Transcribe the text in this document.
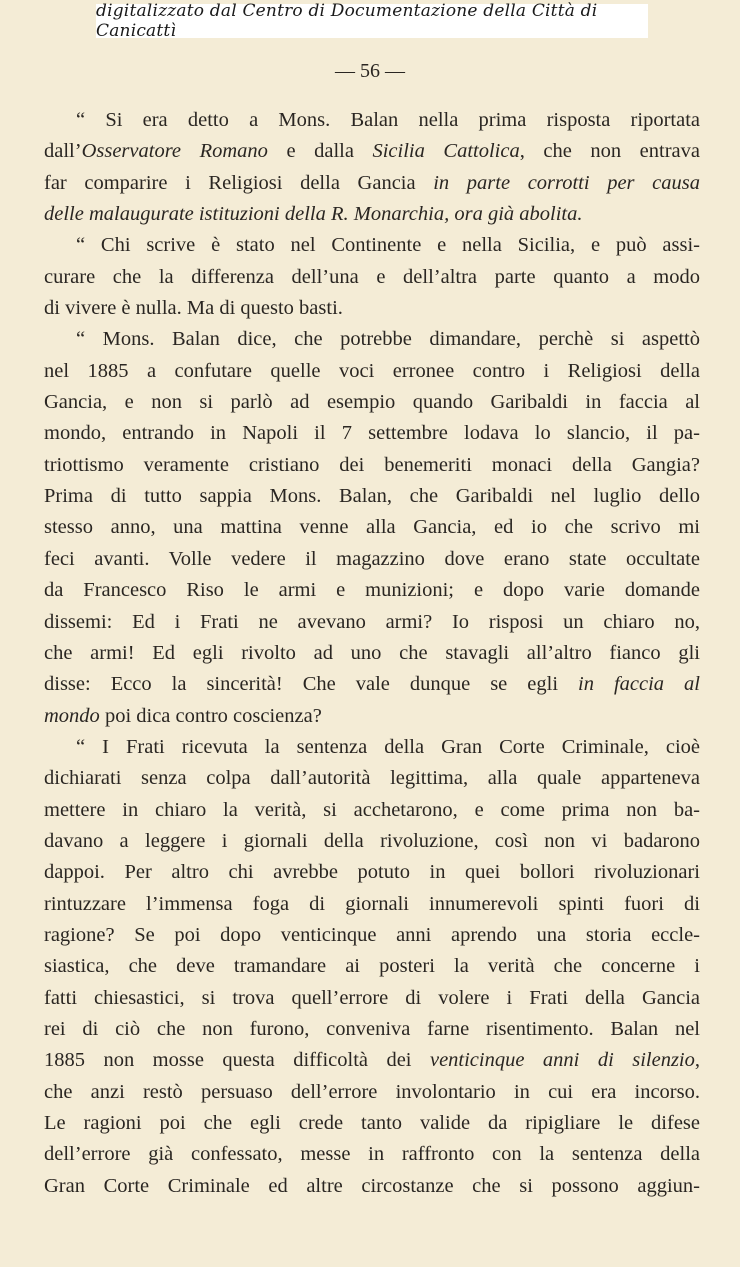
digitalizzato dal Centro di Documentazione della Città di Canicattì
— 56 —
“ Si era detto a Mons. Balan nella prima risposta riportata
dall’Osservatore Romano e dalla Sicilia Cattolica, che non entrava
far comparire i Religiosi della Gancia in parte corrotti per causa
delle malaugurate istituzioni della R. Monarchia, ora già abolita.
“ Chi scrive è stato nel Continente e nella Sicilia, e può assi-
curare che la differenza dell’una e dell’altra parte quanto a modo
di vivere è nulla. Ma di questo basti.
“ Mons. Balan dice, che potrebbe dimandare, perchè si aspettò
nel 1885 a confutare quelle voci erronee contro i Religiosi della
Gancia, e non si parlò ad esempio quando Garibaldi in faccia al
mondo, entrando in Napoli il 7 settembre lodava lo slancio, il pa-
triottismo veramente cristiano dei benemeriti monaci della Gangia?
Prima di tutto sappia Mons. Balan, che Garibaldi nel luglio dello
stesso anno, una mattina venne alla Gancia, ed io che scrivo mi
feci avanti. Volle vedere il magazzino dove erano state occultate
da Francesco Riso le armi e munizioni; e dopo varie domande
dissemi: Ed i Frati ne avevano armi? Io risposi un chiaro no,
che armi! Ed egli rivolto ad uno che stavagli all’altro fianco gli
disse: Ecco la sincerità! Che vale dunque se egli in faccia al
mondo poi dica contro coscienza?
“ I Frati ricevuta la sentenza della Gran Corte Criminale, cioè
dichiarati senza colpa dall’autorità legittima, alla quale apparteneva
mettere in chiaro la verità, si acchetarono, e come prima non ba-
davano a leggere i giornali della rivoluzione, così non vi badarono
dappoi. Per altro chi avrebbe potuto in quei bollori rivoluzionari
rintuzzare l’immensa foga di giornali innumerevoli spinti fuori di
ragione? Se poi dopo venticinque anni aprendo una storia eccle-
siastica, che deve tramandare ai posteri la verità che concerne i
fatti chiesastici, si trova quell’errore di volere i Frati della Gancia
rei di ciò che non furono, conveniva farne risentimento. Balan nel
1885 non mosse questa difficoltà dei venticinque anni di silenzio,
che anzi restò persuaso dell’errore involontario in cui era incorso.
Le ragioni poi che egli crede tanto valide da ripigliare le difese
dell’errore già confessato, messe in raffronto con la sentenza della
Gran Corte Criminale ed altre circostanze che si possono aggiun-
